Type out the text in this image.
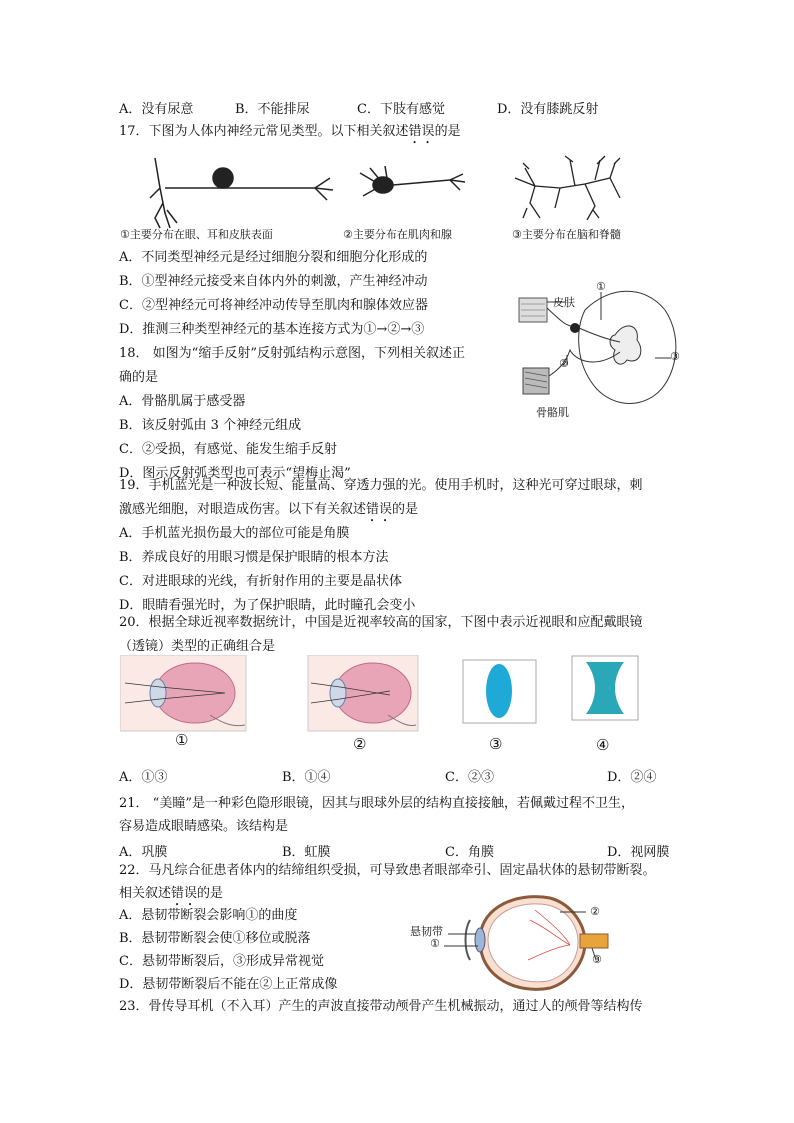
A．没有尿意	B．不能排尿	C．下肢有感觉	D．没有膝跳反射
17．下图为人体内神经元常见类型。以下相关叙述错误的是
①主要分布在眼、耳和皮肤表面	②主要分布在肌肉和腺	③主要分布在脑和脊髓
A．不同类型神经元是经过细胞分裂和细胞分化形成的
B．①型神经元接受来自体内外的刺激，产生神经冲动
C．②型神经元可将神经冲动传导至肌肉和腺体效应器
D．推测三种类型神经元的基本连接方式为①→②→③
18． 如图为“缩手反射”反射弧结构示意图，下列相关叙述正
确的是
A．骨骼肌属于感受器
B．该反射弧由 3 个神经元组成
C．②受损，有感觉、能发生缩手反射
D．图示反射弧类型也可表示“望梅止渴”
皮肤
骨骼肌
①
②
③
19．手机蓝光是一种波长短、能量高、穿透力强的光。使用手机时，这种光可穿过眼球，刺
激感光细胞，对眼造成伤害。以下有关叙述错误的是
A．手机蓝光损伤最大的部位可能是角膜
B．养成良好的用眼习惯是保护眼睛的根本方法
C．对进眼球的光线，有折射作用的主要是晶状体
D．眼睛看强光时，为了保护眼睛，此时瞳孔会变小
20．根据全球近视率数据统计，中国是近视率较高的国家，下图中表示近视眼和应配戴眼镜
（透镜）类型的正确组合是
①	②	③	④
A．①③	B．①④	C．②③	D．②④
21． “美瞳”是一种彩色隐形眼镜，因其与眼球外层的结构直接接触，若佩戴过程不卫生，
容易造成眼睛感染。该结构是
A．巩膜	B．虹膜	C．角膜	D．视网膜
22．马凡综合征患者体内的结缔组织受损，可导致患者眼部牵引、固定晶状体的悬韧带断裂。
相关叙述错误的是
A．悬韧带断裂会影响①的曲度
B．悬韧带断裂会使①移位或脱落
C．悬韧带断裂后，③形成异常视觉
D．悬韧带断裂后不能在②上正常成像
悬韧带
①
②
③
23．骨传导耳机（不入耳）产生的声波直接带动颅骨产生机械振动，通过人的颅骨等结构传
